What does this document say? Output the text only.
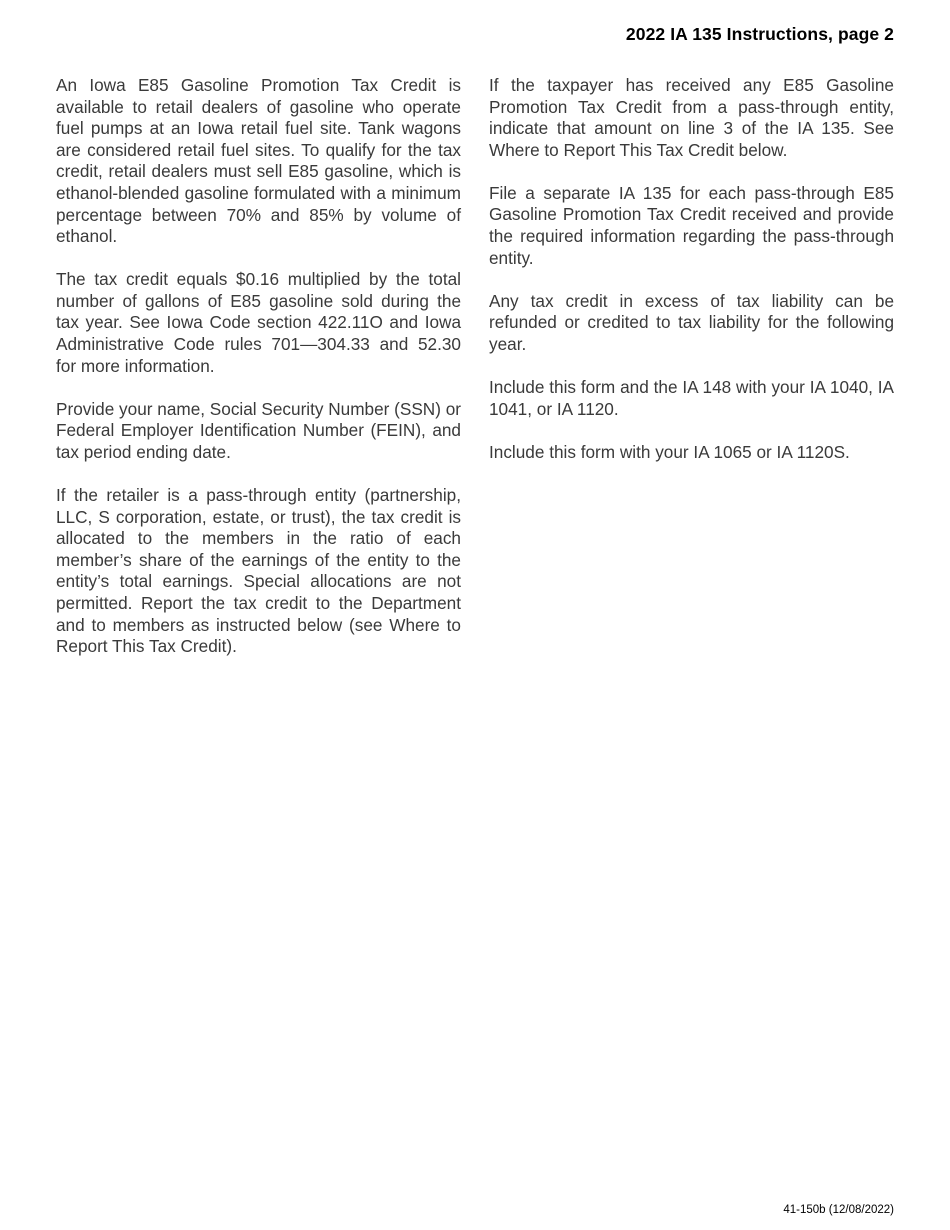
2022 IA 135 Instructions, page 2

An Iowa E85 Gasoline Promotion Tax Credit is available to retail dealers of gasoline who operate fuel pumps at an Iowa retail fuel site. Tank wagons are considered retail fuel sites. To qualify for the tax credit, retail dealers must sell E85 gasoline, which is ethanol-blended gasoline formulated with a minimum percentage between 70% and 85% by volume of ethanol.

The tax credit equals $0.16 multiplied by the total number of gallons of E85 gasoline sold during the tax year. See Iowa Code section 422.11O and Iowa Administrative Code rules 701—304.33 and 52.30 for more information.

Provide your name, Social Security Number (SSN) or Federal Employer Identification Number (FEIN), and tax period ending date.

If the retailer is a pass-through entity (partnership, LLC, S corporation, estate, or trust), the tax credit is allocated to the members in the ratio of each member’s share of the earnings of the entity to the entity’s total earnings. Special allocations are not permitted. Report the tax credit to the Department and to members as instructed below (see Where to Report This Tax Credit).

If the taxpayer has received any E85 Gasoline Promotion Tax Credit from a pass-through entity, indicate that amount on line 3 of the IA 135. See Where to Report This Tax Credit below.

File a separate IA 135 for each pass-through E85 Gasoline Promotion Tax Credit received and provide the required information regarding the pass-through entity.

Any tax credit in excess of tax liability can be refunded or credited to tax liability for the following year.

Include this form and the IA 148 with your IA 1040, IA 1041, or IA 1120.

Include this form with your IA 1065 or IA 1120S.

41-150b (12/08/2022)
